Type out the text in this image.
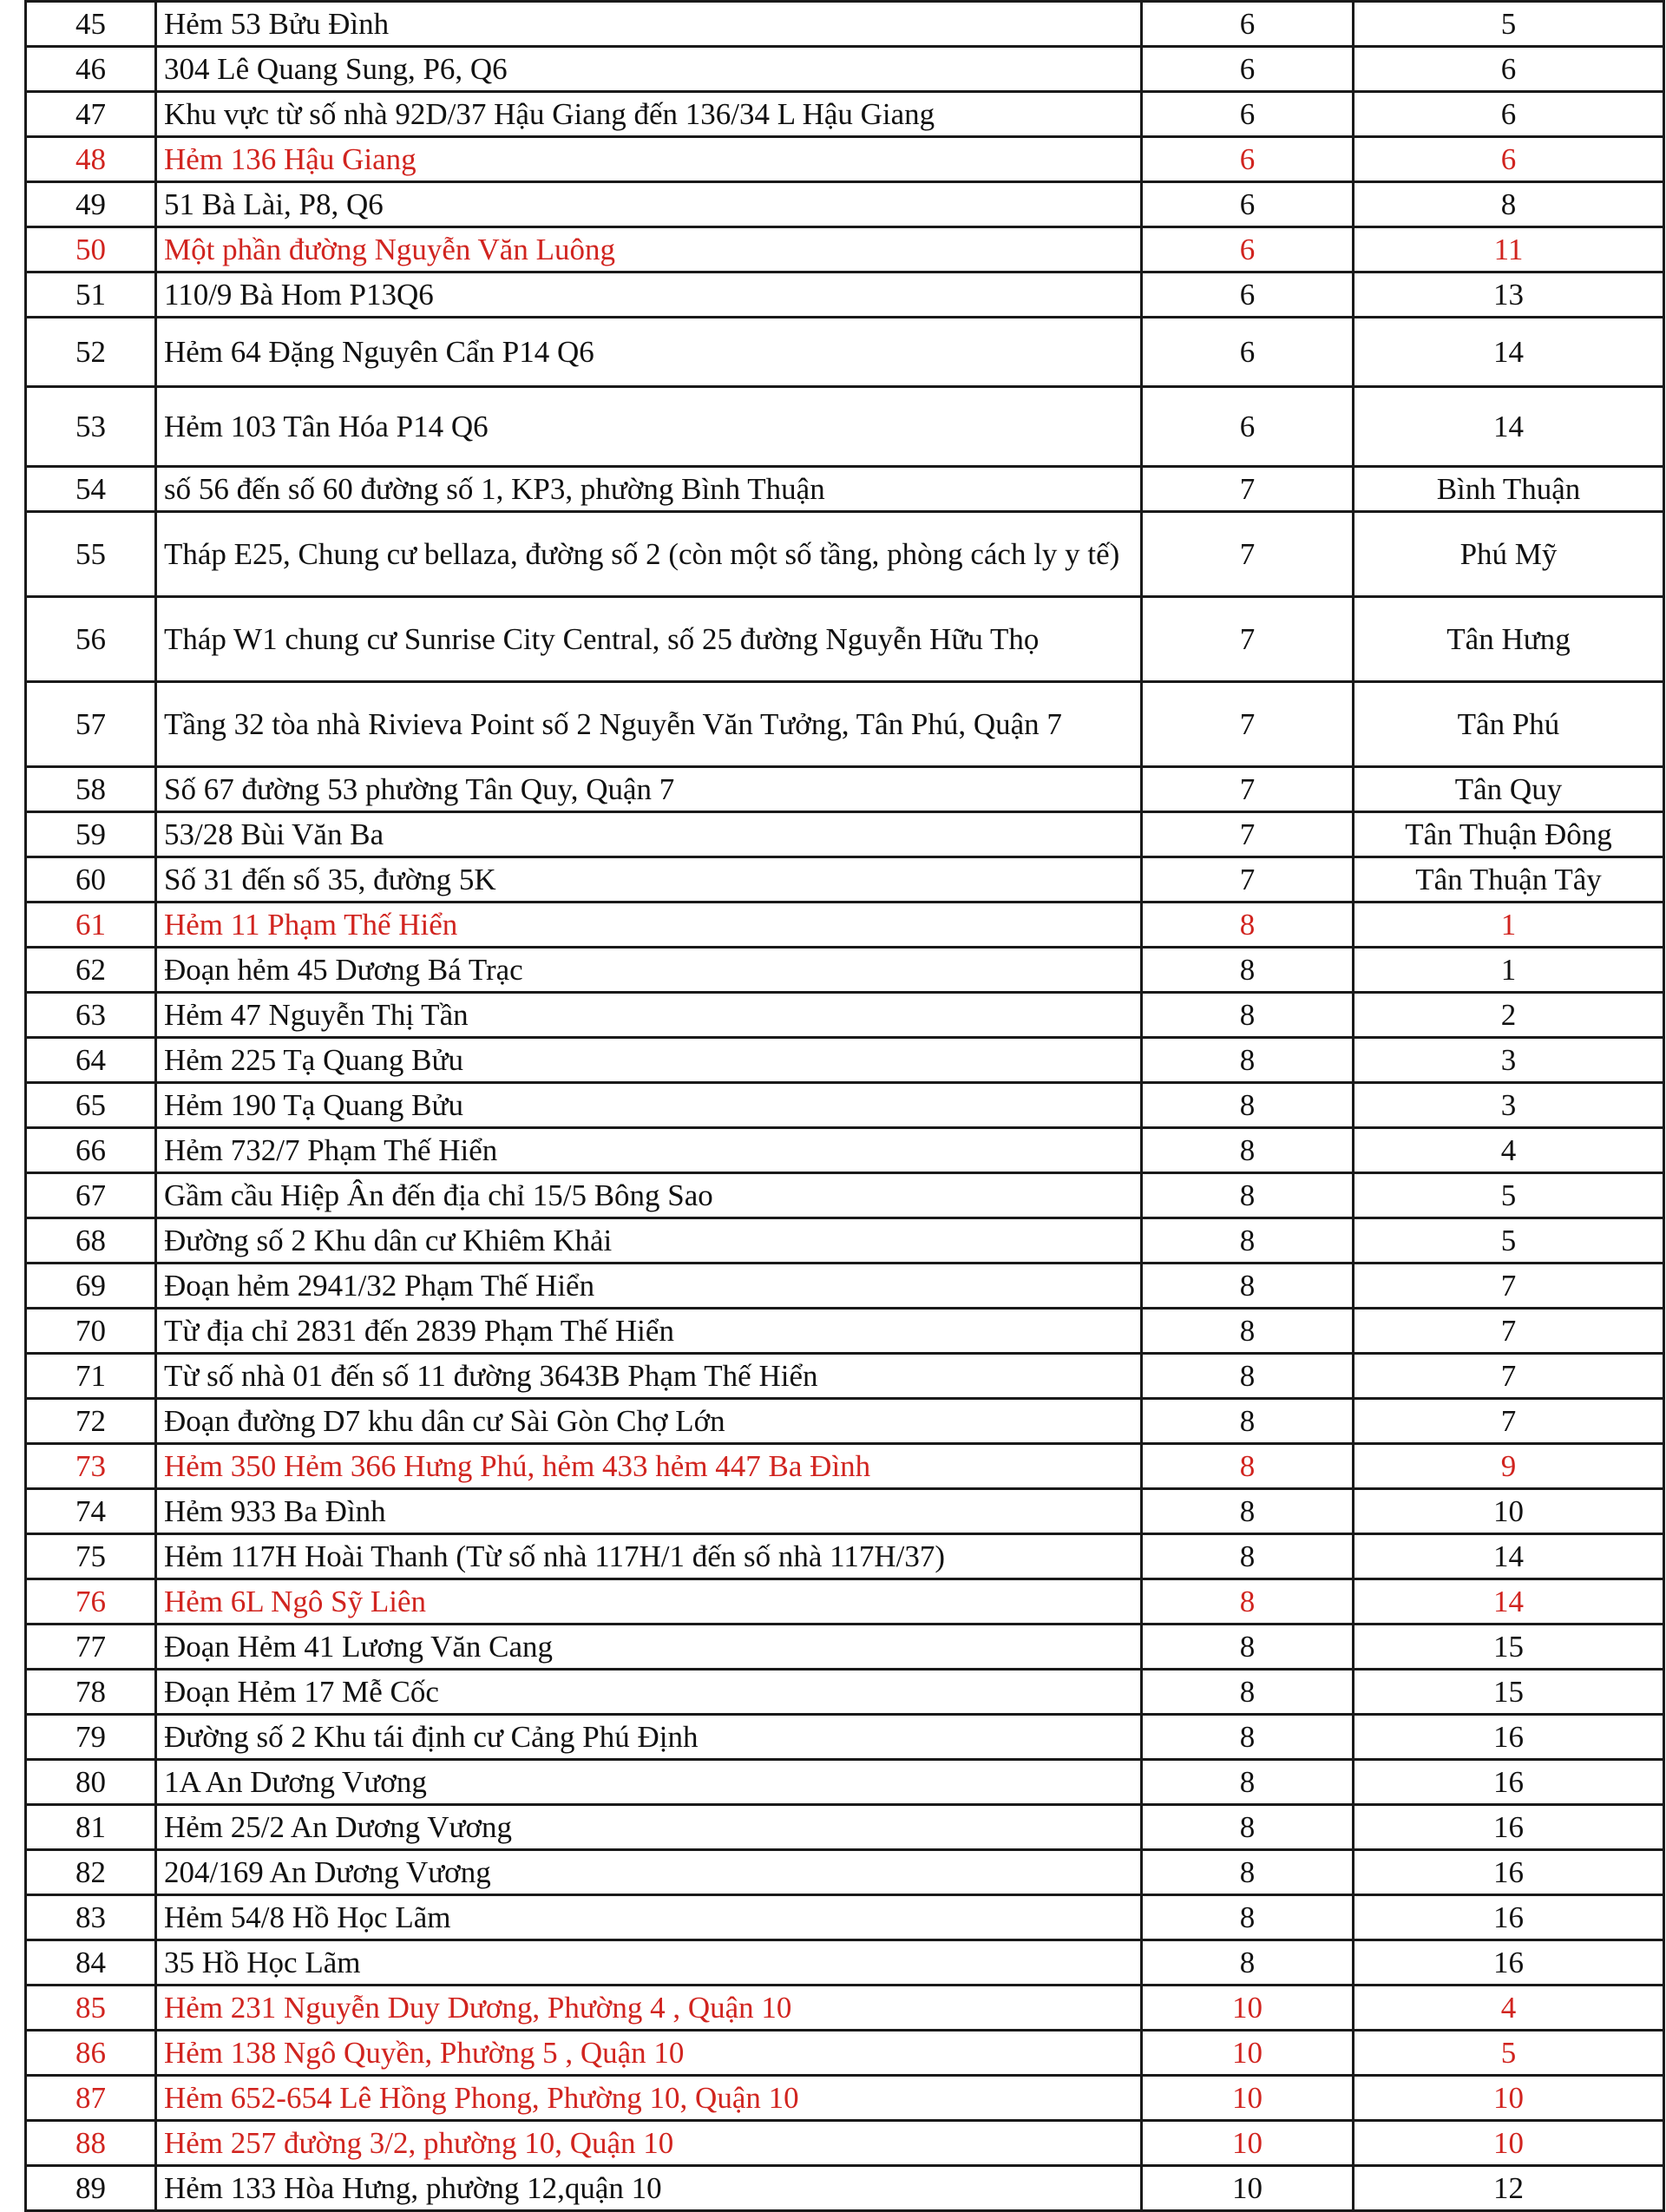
45	Hẻm 53 Bửu Đình	6	5
46	304 Lê Quang Sung, P6, Q6	6	6
47	Khu vực từ số nhà 92D/37 Hậu Giang đến 136/34 L Hậu Giang	6	6
48	Hẻm 136 Hậu Giang	6	6
49	51 Bà Lài, P8, Q6	6	8
50	Một phần đường Nguyễn Văn Luông	6	11
51	110/9 Bà Hom P13Q6	6	13
52	Hẻm 64 Đặng Nguyên Cẩn P14 Q6	6	14
53	Hẻm 103 Tân Hóa P14 Q6	6	14
54	số 56 đến số 60 đường số 1, KP3, phường Bình Thuận	7	Bình Thuận
55	Tháp E25, Chung cư bellaza, đường số 2 (còn một số tầng, phòng cách ly y tế)	7	Phú Mỹ
56	Tháp W1 chung cư Sunrise City Central, số 25 đường Nguyễn Hữu Thọ	7	Tân Hưng
57	Tầng 32 tòa nhà Rivieva Point số 2 Nguyễn Văn Tưởng, Tân Phú, Quận 7	7	Tân Phú
58	Số 67 đường 53 phường Tân Quy, Quận 7	7	Tân Quy
59	53/28 Bùi Văn Ba	7	Tân Thuận Đông
60	Số 31 đến số 35, đường 5K	7	Tân Thuận Tây
61	Hẻm 11 Phạm Thế Hiển	8	1
62	Đoạn hẻm 45 Dương Bá Trạc	8	1
63	Hẻm 47 Nguyễn Thị Tần	8	2
64	Hẻm 225 Tạ Quang Bửu	8	3
65	Hẻm 190 Tạ Quang Bửu	8	3
66	Hẻm 732/7 Phạm Thế Hiển	8	4
67	Gầm cầu Hiệp Ân đến địa chỉ 15/5 Bông Sao	8	5
68	Đường số 2 Khu dân cư Khiêm Khải	8	5
69	Đoạn hẻm 2941/32 Phạm Thế Hiển	8	7
70	Từ địa chỉ 2831 đến 2839 Phạm Thế Hiển	8	7
71	Từ số nhà 01 đến số 11 đường 3643B Phạm Thế Hiển	8	7
72	Đoạn đường D7 khu dân cư Sài Gòn Chợ Lớn	8	7
73	Hẻm 350 Hẻm 366 Hưng Phú, hẻm 433 hẻm 447 Ba Đình	8	9
74	Hẻm 933 Ba Đình	8	10
75	Hẻm 117H Hoài Thanh (Từ số nhà 117H/1 đến số nhà 117H/37)	8	14
76	Hẻm 6L Ngô Sỹ Liên	8	14
77	Đoạn Hẻm 41 Lương Văn Cang	8	15
78	Đoạn Hẻm 17 Mễ Cốc	8	15
79	Đường số 2 Khu tái định cư Cảng Phú Định	8	16
80	1A An Dương Vương	8	16
81	Hẻm 25/2 An Dương Vương	8	16
82	204/169 An Dương Vương	8	16
83	Hẻm 54/8 Hồ Học Lãm	8	16
84	35 Hồ Học Lãm	8	16
85	Hẻm 231 Nguyễn Duy Dương, Phường 4 , Quận 10	10	4
86	Hẻm 138 Ngô Quyền, Phường 5 , Quận 10	10	5
87	Hẻm 652-654 Lê Hồng Phong, Phường 10, Quận 10	10	10
88	Hẻm 257 đường 3/2, phường 10, Quận 10	10	10
89	Hẻm 133 Hòa Hưng, phường 12,quận 10	10	12
